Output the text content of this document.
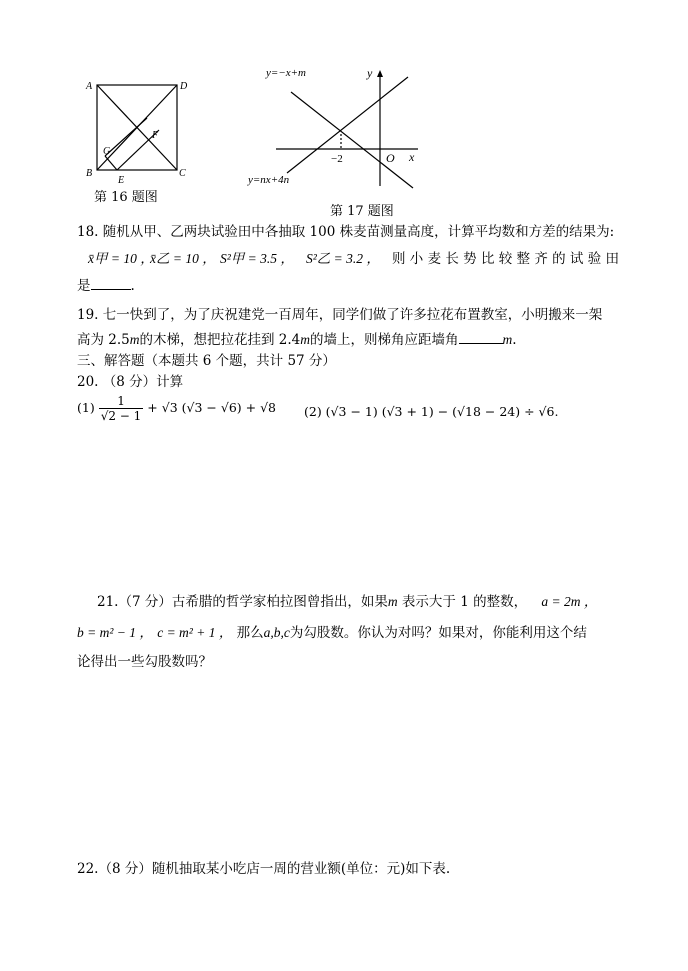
A	D
B	C
F
G
E
第 16 题图
y=−x+m
y=nx+4n
y
x
O
−2
第 17 题图
18. 随机从甲、乙两块试验田中各抽取 100 株麦苗测量高度，计算平均数和方差的结果为:
x̄甲 = 10 ，
x̄乙 = 10 ， S²甲 = 3.5 ， S²乙 = 3.2 ， 则 小 麦 长 势 比 较 整 齐 的 试 验 田
是	.
19. 七一快到了，为了庆祝建党一百周年，同学们做了许多拉花布置教室，小明搬来一架
高为 2.5m的木梯，想把拉花挂到 2.4m的墙上，则梯角应距墙角	m.
三、解答题（本题共 6 个题，共计 57 分）
20. （8 分）计算
$(1) \frac{1}{√2 - 1} + √3$ (√3 − √6) + √8 (2) (√3 − 1) (√3 + 1) − (√18 − 24) ÷ √6.
21.（7 分）古希腊的哲学家柏拉图曾指出，如果m 表示大于 1 的整数， a = 2m ，
b = m² − 1 ， c = m² + 1 ， 那么a,b,c为勾股数。你认为对吗？如果对，你能利用这个结
论得出一些勾股数吗？
22.（8 分）随机抽取某小吃店一周的营业额(单位：元)如下表.
